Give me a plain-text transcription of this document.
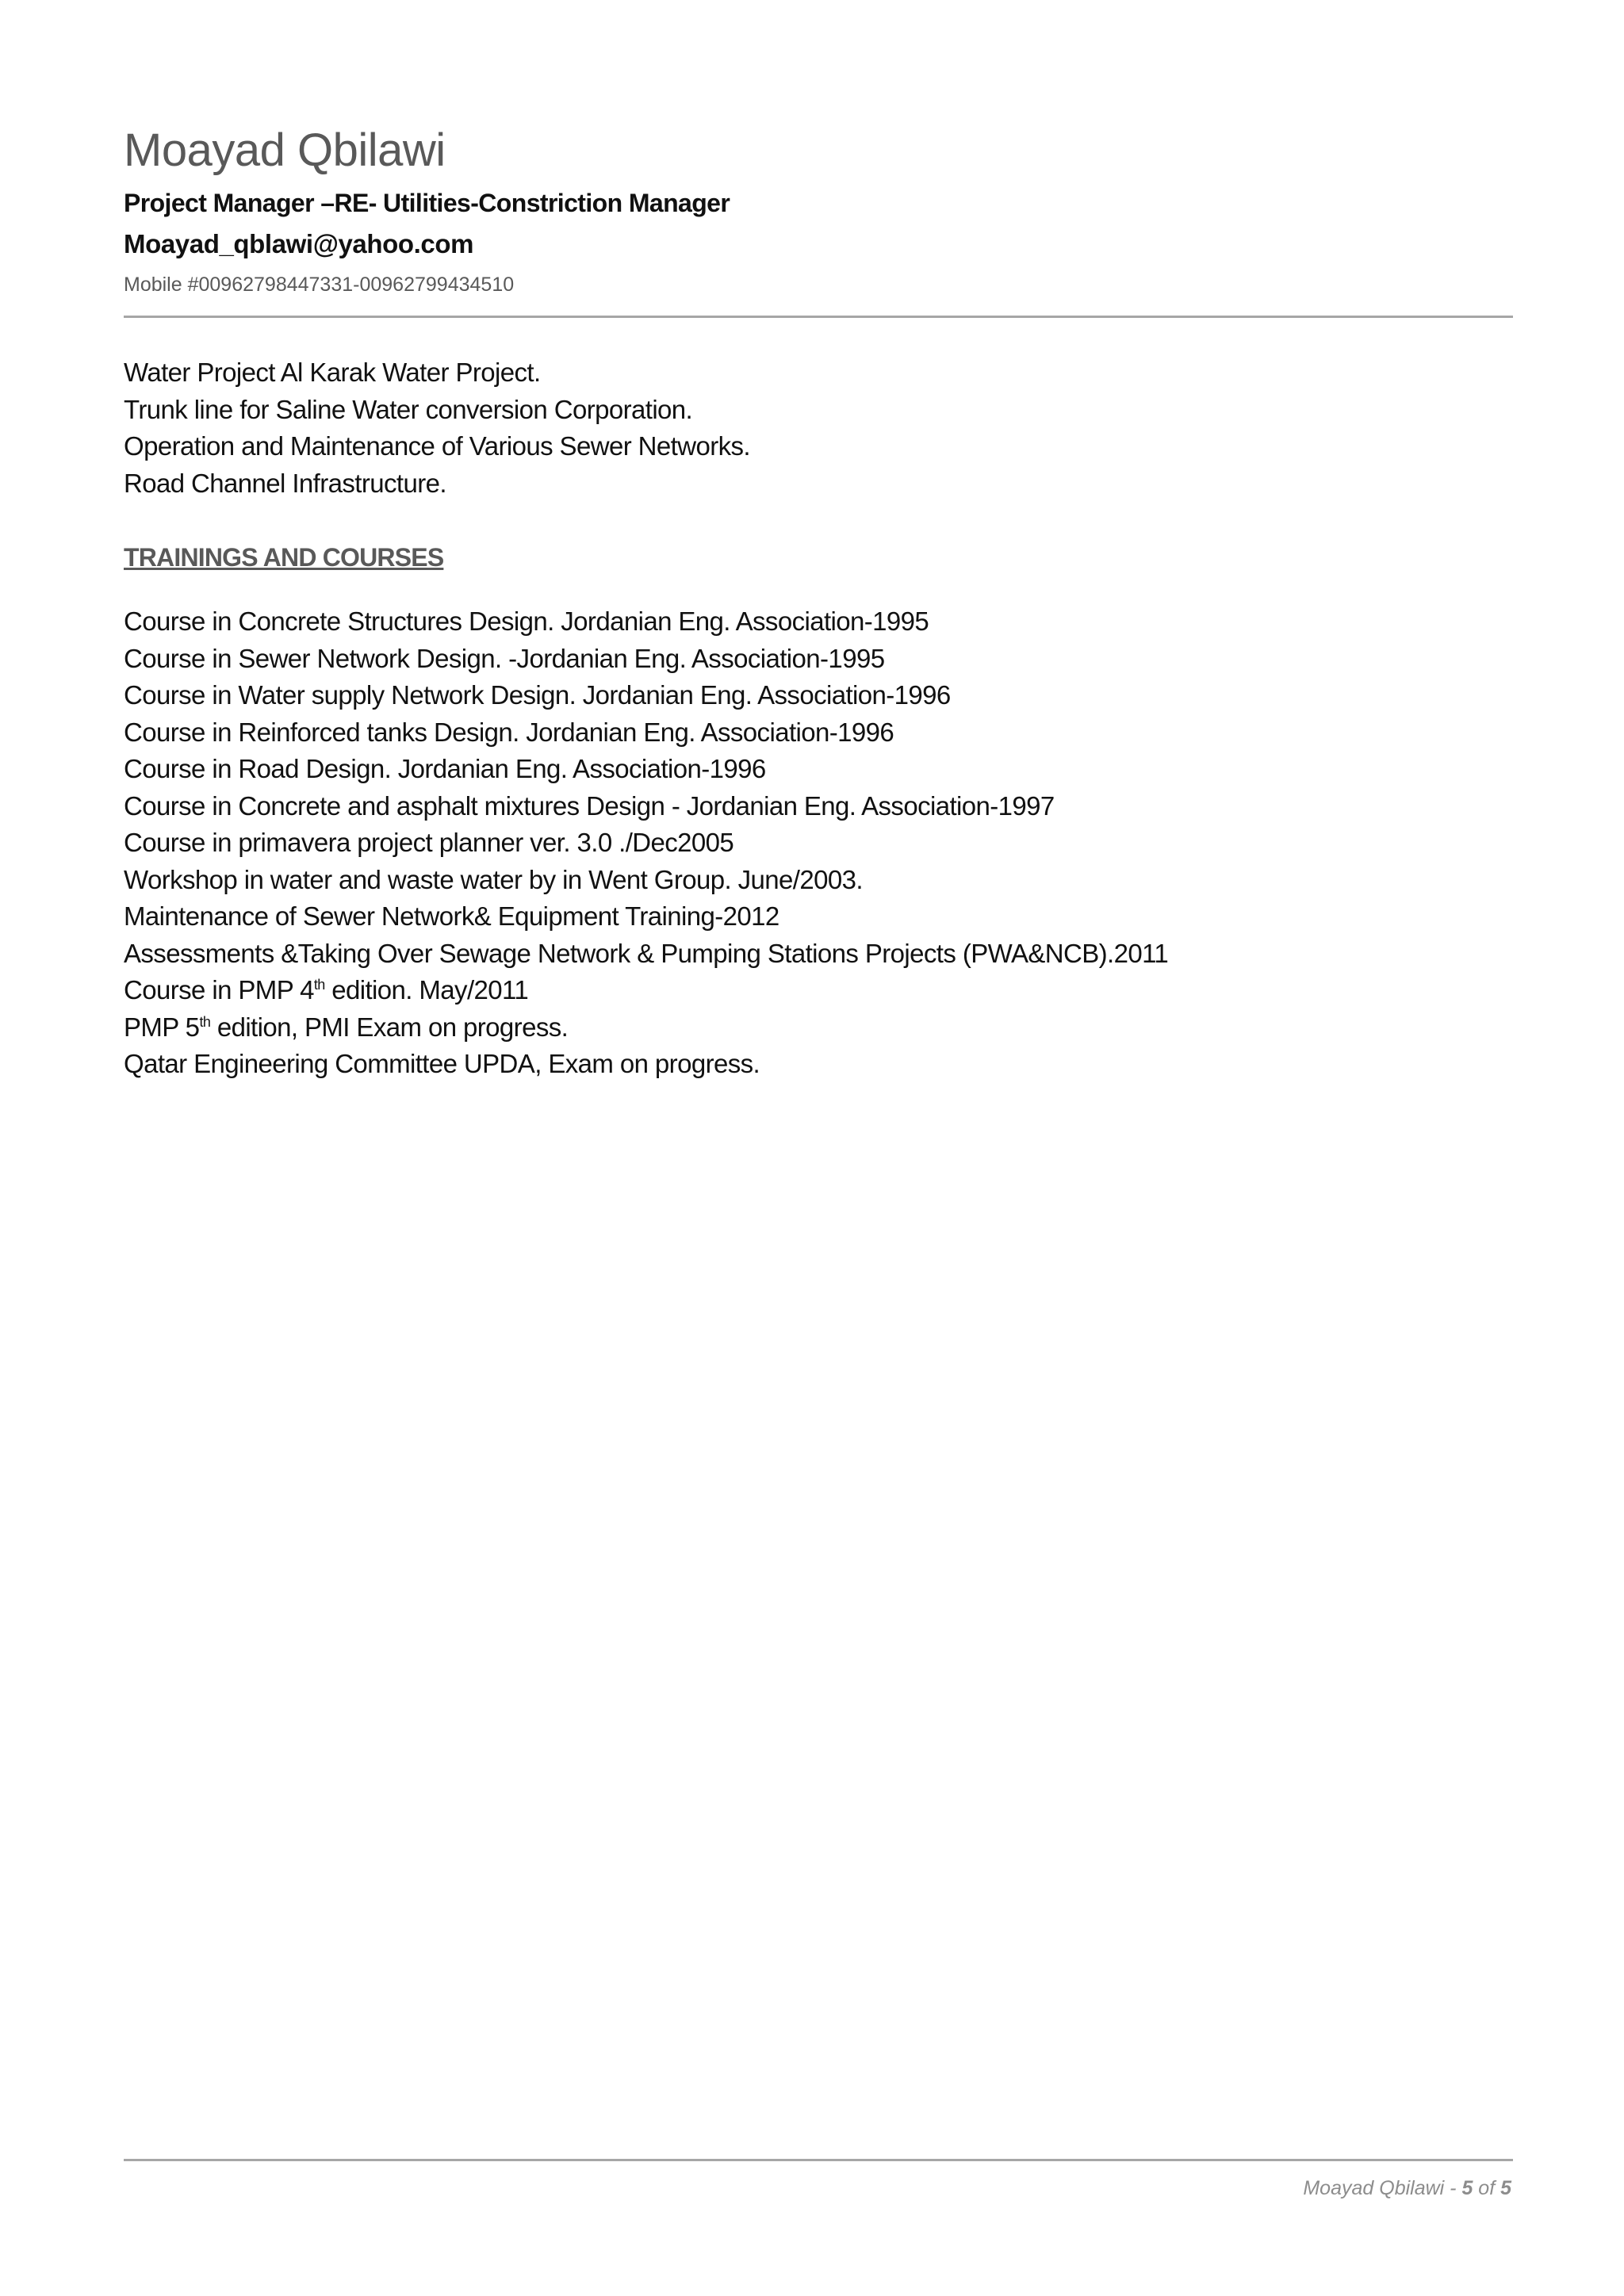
Moayad Qbilawi
Project Manager –RE- Utilities-Constriction Manager
Moayad_qblawi@yahoo.com
Mobile #00962798447331-00962799434510
Water Project Al Karak Water Project.
Trunk line for Saline Water conversion Corporation.
Operation and Maintenance of Various Sewer Networks.
Road Channel Infrastructure.
TRAININGS AND COURSES
Course in Concrete Structures Design. Jordanian Eng. Association-1995
Course in Sewer Network Design. -Jordanian Eng. Association-1995
Course in Water supply Network Design. Jordanian Eng. Association-1996
Course in Reinforced tanks Design. Jordanian Eng. Association-1996
Course in Road Design. Jordanian Eng. Association-1996
Course in Concrete and asphalt mixtures Design - Jordanian Eng. Association-1997
Course in primavera project planner ver. 3.0 ./Dec2005
Workshop in water and waste water by in Went Group. June/2003.
Maintenance of Sewer Network& Equipment Training-2012
Assessments &Taking Over Sewage Network & Pumping Stations Projects (PWA&NCB).2011
Course in PMP 4th edition. May/2011
PMP 5th edition, PMI Exam on progress.
Qatar Engineering Committee UPDA, Exam on progress.
Moayad Qbilawi - 5 of 5
